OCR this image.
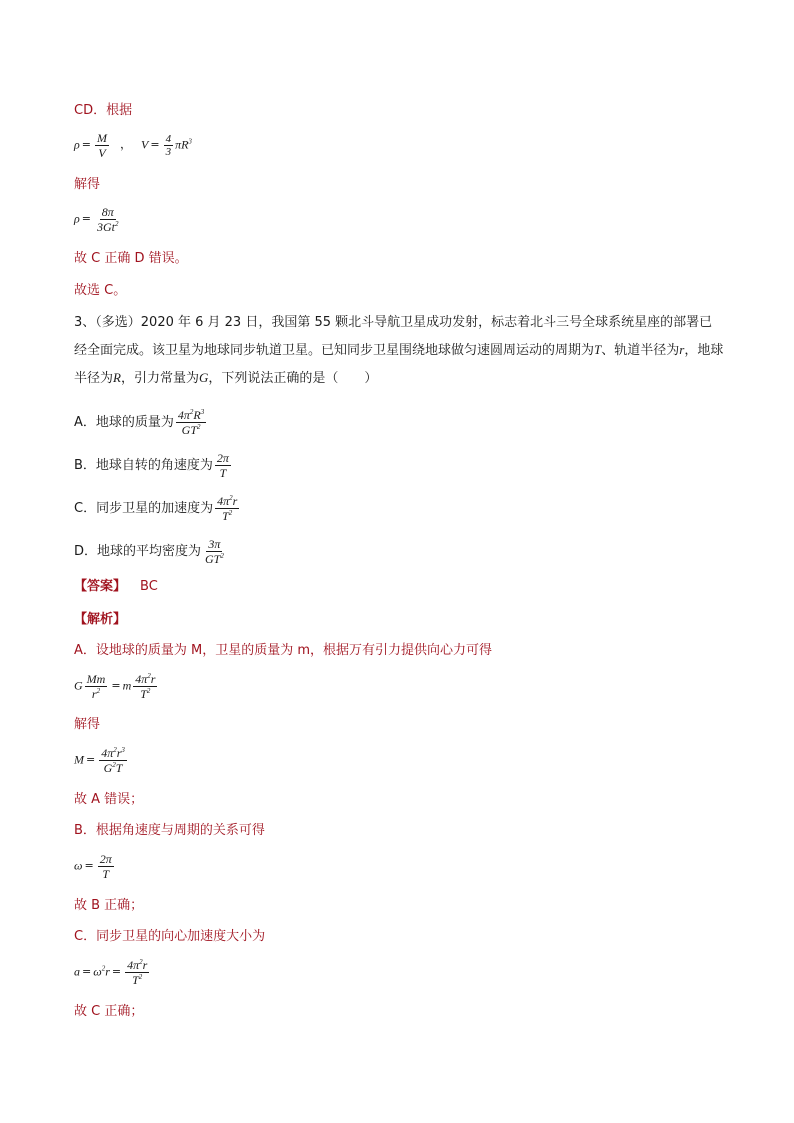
CD．根据
$\rho = \frac{M}{V}$ ， $V = \frac{4}{3} \pi R^3$
解得
$\rho = \frac{8\pi}{3Gt^2}$
故 C 正确 D 错误。
故选 C。
3、（多选）2020 年 6 月 23 日，我国第 55 颗北斗导航卫星成功发射，标志着北斗三号全球系统星座的部署已经全面完成。该卫星为地球同步轨道卫星。已知同步卫星围绕地球做匀速圆周运动的周期为T、轨道半径为r，地球半径为R，引力常量为G，下列说法正确的是（　　）
A．地球的质量为 $\frac{4\pi^2R^3}{GT^2}$
B．地球自转的角速度为 $\frac{2\pi}{T}$
C．同步卫星的加速度为 $\frac{4\pi^2r}{T^2}$
D．地球的平均密度为 $\frac{3\pi}{GT^2}$
【答案】 BC
【解析】
A．设地球的质量为 M，卫星的质量为 m，根据万有引力提供向心力可得
G $\frac{Mm}{r^2} = m \frac{4\pi^2r}{T^2}$
解得
$M = \frac{4\pi^2r^3}{G^2T}$
故 A 错误；
B．根据角速度与周期的关系可得
$\omega = \frac{2\pi}{T}$
故 B 正确；
C．同步卫星的向心加速度大小为
$a = \omega^2r = \frac{4\pi^2r}{T^2}$
故 C 正确；
